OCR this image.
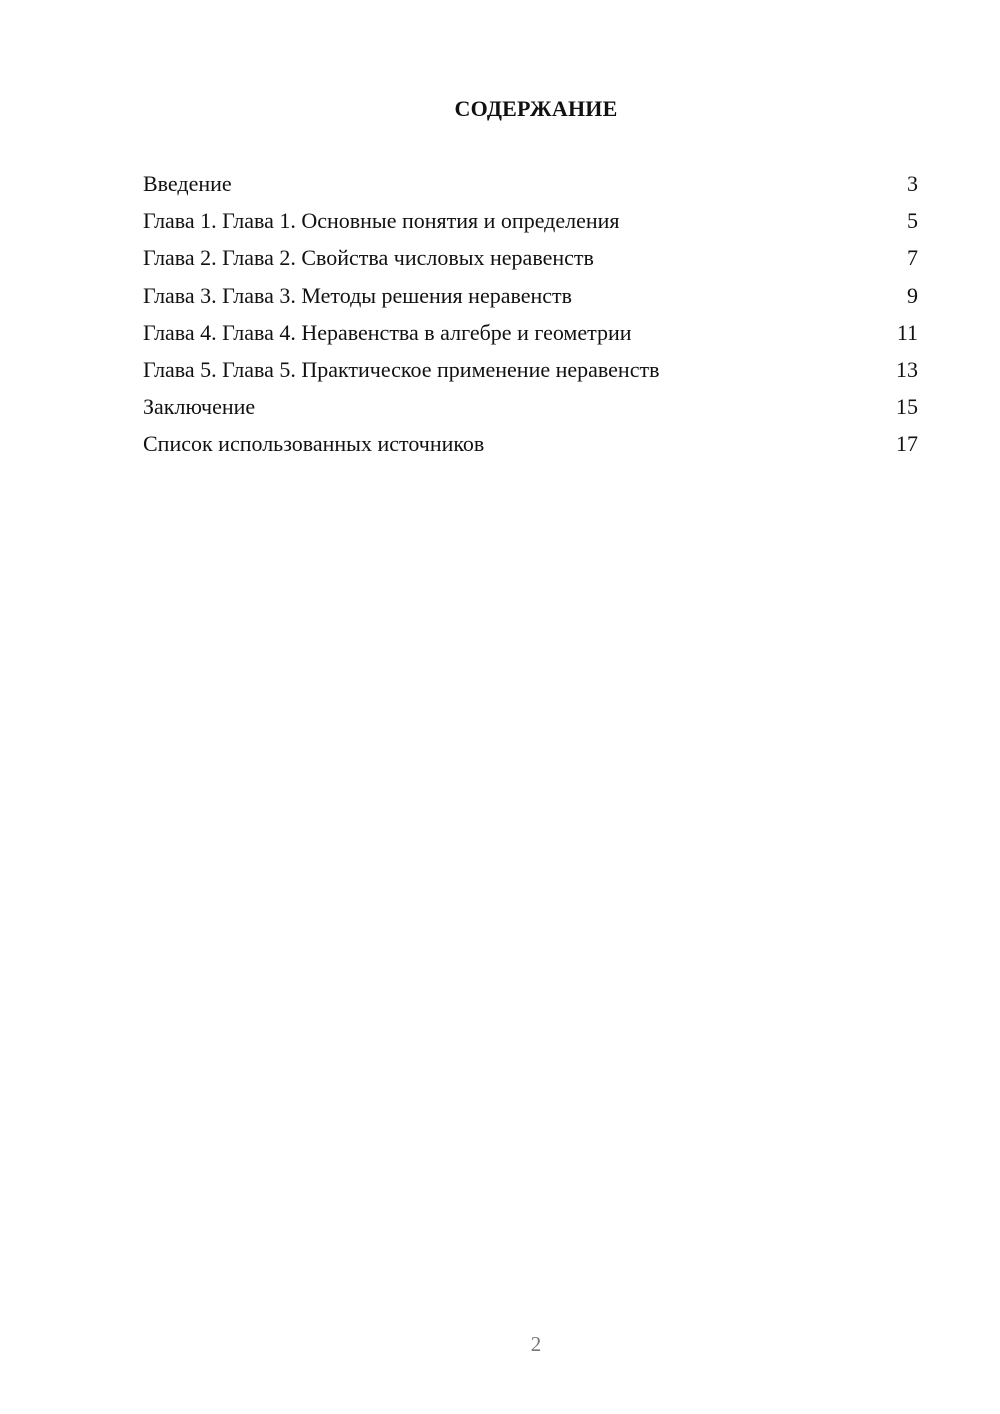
СОДЕРЖАНИЕ
Введение	3
Глава 1. Глава 1. Основные понятия и определения	5
Глава 2. Глава 2. Свойства числовых неравенств	7
Глава 3. Глава 3. Методы решения неравенств	9
Глава 4. Глава 4. Неравенства в алгебре и геометрии	11
Глава 5. Глава 5. Практическое применение неравенств	13
Заключение	15
Список использованных источников	17
2
